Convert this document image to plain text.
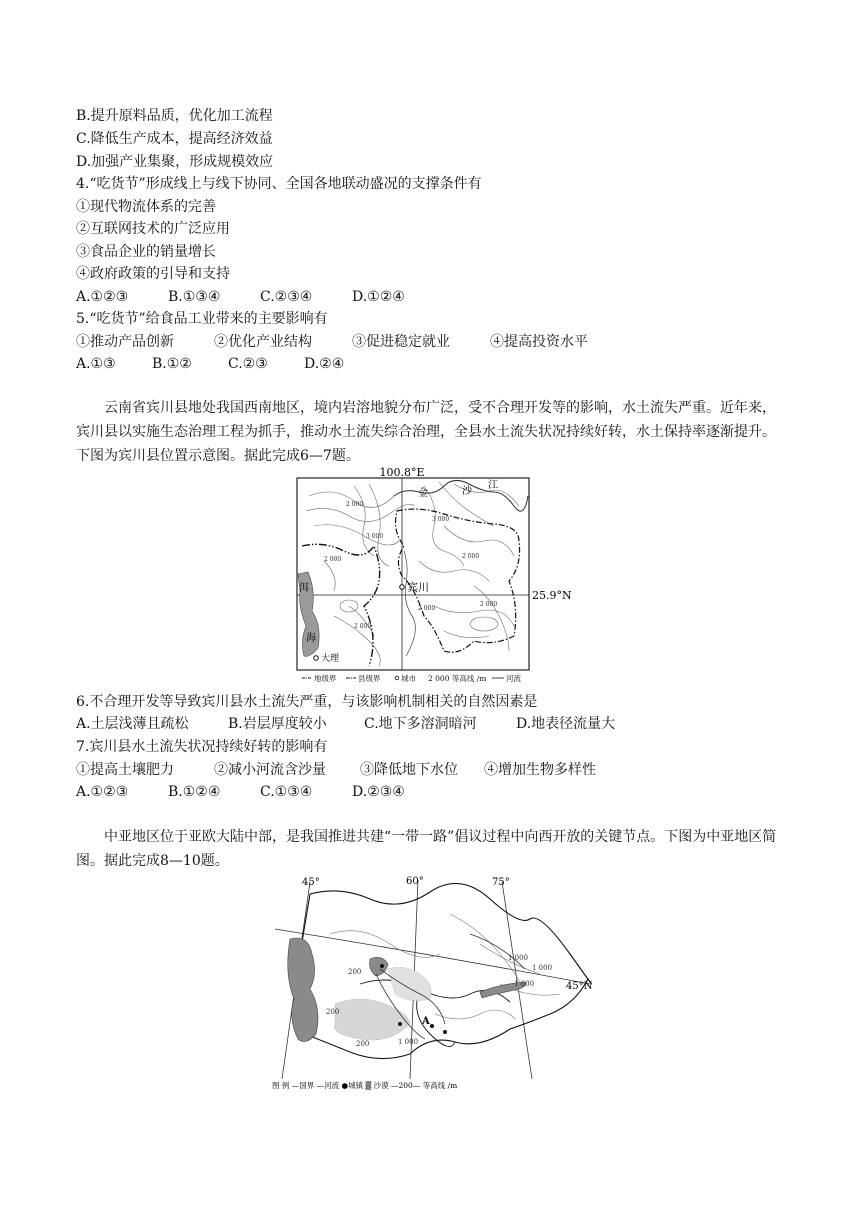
B.提升原料品质，优化加工流程
C.降低生产成本，提高经济效益
D.加强产业集聚，形成规模效应
4.“吃货节”形成线上与线下协同、全国各地联动盛况的支撑条件有
①现代物流体系的完善
②互联网技术的广泛应用
③食品企业的销量增长
④政府政策的引导和支持
A.①②③	B.①③④	C.②③④	D.①②④
5.“吃货节”给食品工业带来的主要影响有
①推动产品创新	②优化产业结构	③促进稳定就业	④提高投资水平
A.①③	B.①②	C.②③	D.②④

云南省宾川县地处我国西南地区，境内岩溶地貌分布广泛，受不合理开发等的影响，水土流失严重。近年来，宾川县以实施生态治理工程为抓手，推动水土流失综合治理，全县水土流失状况持续好转，水土保持率逐渐提升。下图为宾川县位置示意图。据此完成6—7题。

100.8°E
25.9°N
金	沙
江
洱
海
宾川
大理
2 000
3 000
2 000	2 000
2 000
3 000
2 000
2 000
地级界	县级界	城市 2 000 等高线 /m	河流
6.不合理开发等导致宾川县水土流失严重，与该影响机制相关的自然因素是
A.土层浅薄且疏松	B.岩层厚度较小	C.地下多溶洞暗河	D.地表径流量大
7.宾川县水土流失状况持续好转的影响有
①提高土壤肥力	②减小河流含沙量 ③降低地下水位 ④增加生物多样性
A.①②③	B.①②④	C.①③④	D.②③④

中亚地区位于亚欧大陆中部，是我国推进共建“一带一路”倡议过程中向西开放的关键节点。下图为中亚地区简图。据此完成8—10题。

45°	60°	75°
45°N
A
200
1 000
1 000
1 000
200
200	1 000
图 例 —国界 —河流 ●城镇 ▒ 沙漠 —200— 等高线 /m
